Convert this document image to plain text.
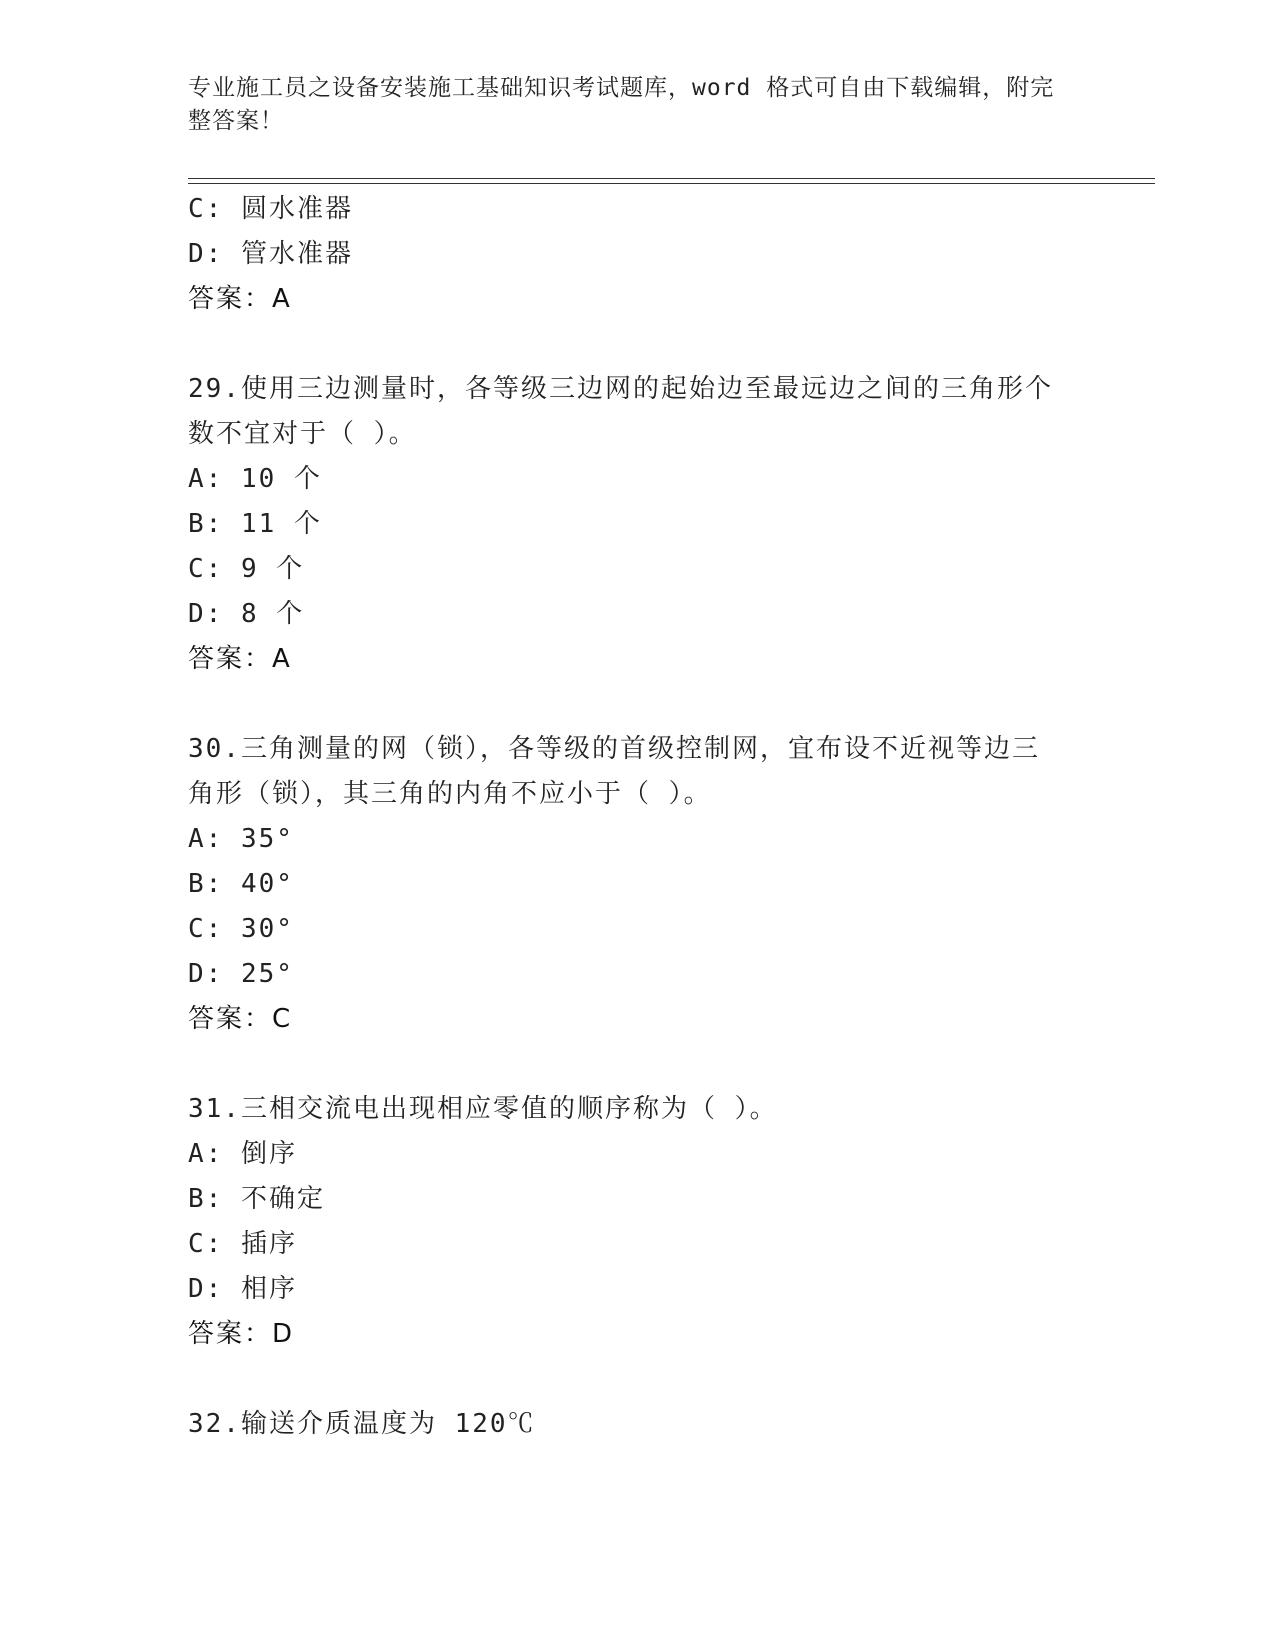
专业施工员之设备安装施工基础知识考试题库，word 格式可自由下载编辑，附完整答案！
C: 圆水准器
D: 管水准器
答案：A
29.使用三边测量时，各等级三边网的起始边至最远边之间的三角形个
数不宜对于（ ）。
A: 10 个
B: 11 个
C: 9 个
D: 8 个
答案：A
30.三角测量的网（锁），各等级的首级控制网，宜布设不近视等边三
角形（锁），其三角的内角不应小于（ ）。
A: 35°
B: 40°
C: 30°
D: 25°
答案：C
31.三相交流电出现相应零值的顺序称为（ ）。
A: 倒序
B: 不确定
C: 插序
D: 相序
答案：D
32.输送介质温度为 120℃
